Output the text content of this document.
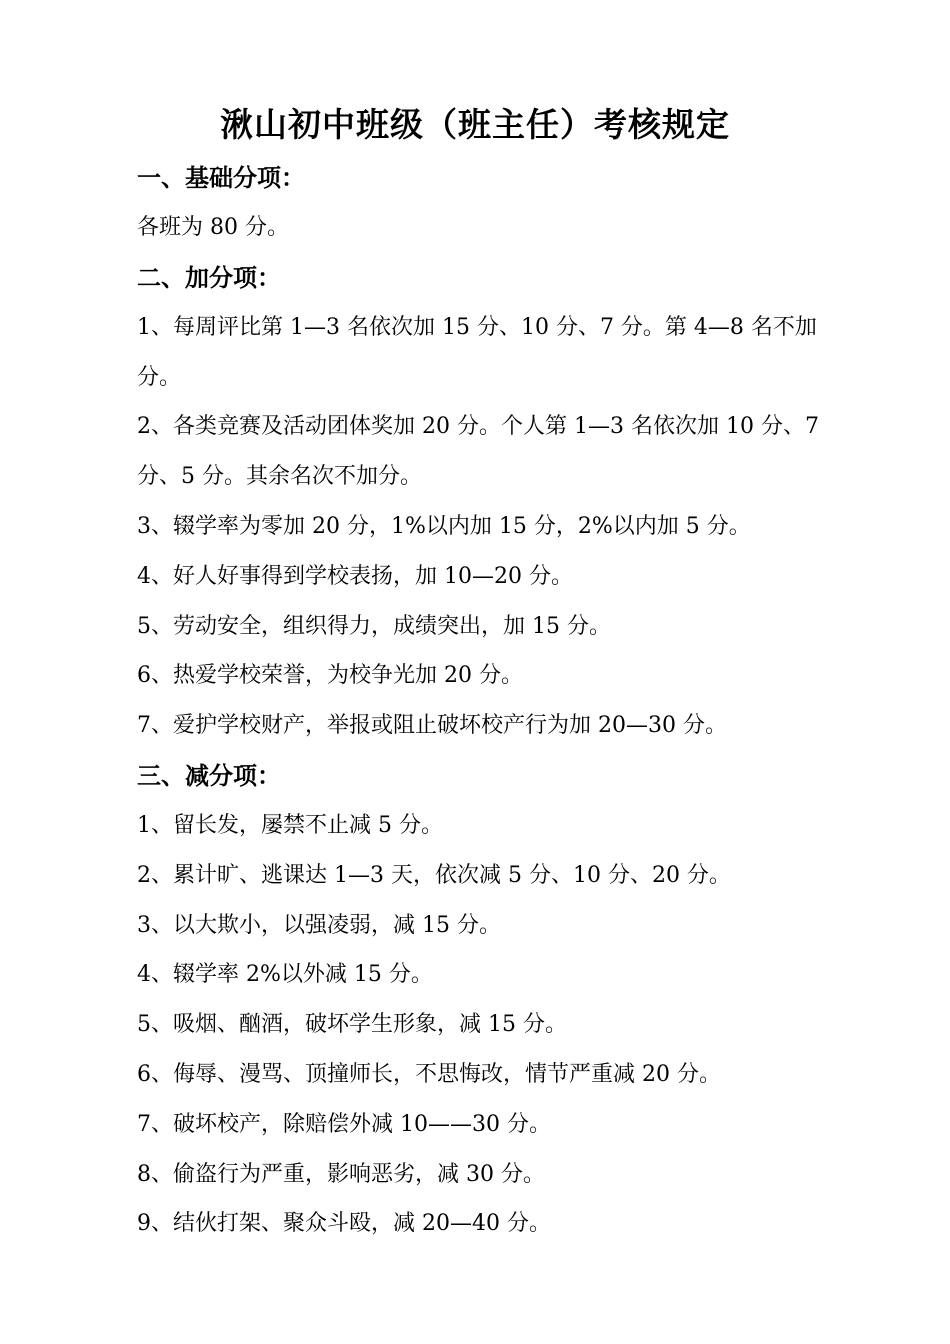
湫山初中班级（班主任）考核规定
一、基础分项：
各班为 80 分。
二、加分项：
1、每周评比第 1—3 名依次加 15 分、10 分、7 分。第 4—8 名不加分。
2、各类竞赛及活动团体奖加 20 分。个人第 1—3 名依次加 10 分、7 分、5 分。其余名次不加分。
3、辍学率为零加 20 分，1%以内加 15 分，2%以内加 5 分。
4、好人好事得到学校表扬，加 10—20 分。
5、劳动安全，组织得力，成绩突出，加 15 分。
6、热爱学校荣誉，为校争光加 20 分。
7、爱护学校财产，举报或阻止破坏校产行为加 20—30 分。
三、减分项：
1、留长发，屡禁不止减 5 分。
2、累计旷、逃课达 1—3 天，依次减 5 分、10 分、20 分。
3、以大欺小，以强凌弱，减 15 分。
4、辍学率 2%以外减 15 分。
5、吸烟、酗酒，破坏学生形象，减 15 分。
6、侮辱、漫骂、顶撞师长，不思悔改，情节严重减 20 分。
7、破坏校产，除赔偿外减 10——30 分。
8、偷盗行为严重，影响恶劣，减 30 分。
9、结伙打架、聚众斗殴，减 20—40 分。
